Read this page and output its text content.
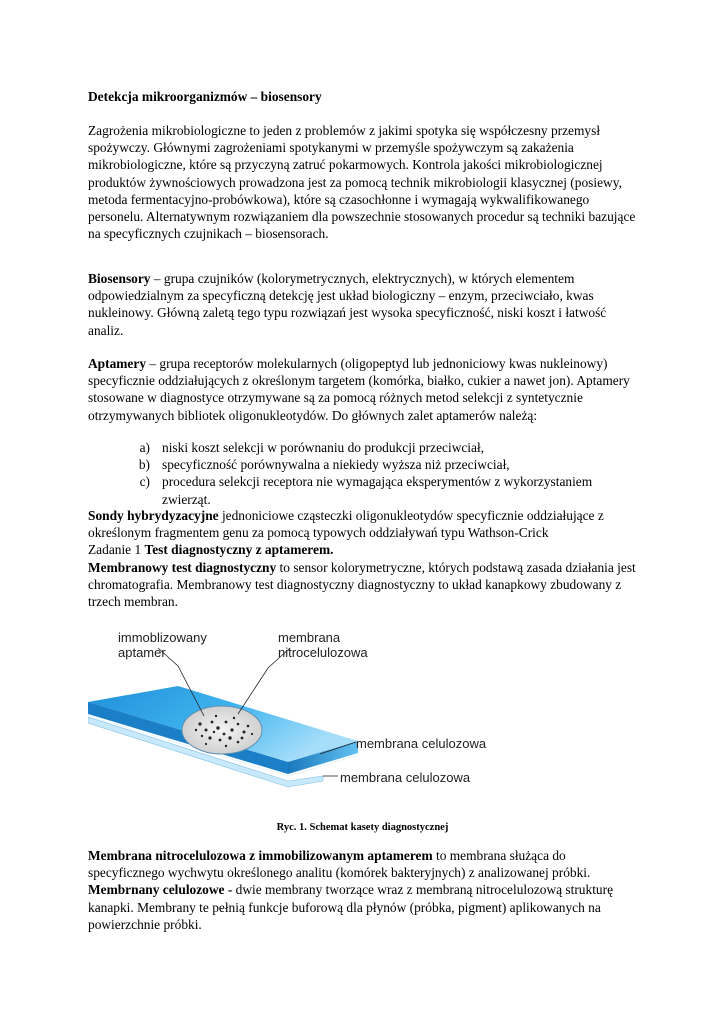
Detekcja mikroorganizmów – biosensory
Zagrożenia mikrobiologiczne to jeden z problemów z jakimi spotyka się współczesny przemysł spożywczy. Głównymi zagrożeniami spotykanymi w przemyśle spożywczym są zakażenia mikrobiologiczne, które są przyczyną zatruć pokarmowych. Kontrola jakości mikrobiologicznej produktów żywnościowych prowadzona jest za pomocą technik mikrobiologii klasycznej (posiewy, metoda fermentacyjno-probówkowa), które są czasochłonne i wymagają wykwalifikowanego personelu. Alternatywnym rozwiązaniem dla powszechnie stosowanych procedur są techniki bazujące na specyficznych czujnikach – biosensorach.
Biosensory – grupa czujników (kolorymetrycznych, elektrycznych), w których elementem odpowiedzialnym za specyficzną detekcję jest układ biologiczny – enzym, przeciwciało, kwas nukleinowy. Główną zaletą tego typu rozwiązań jest wysoka specyficzność, niski koszt i łatwość analiz.
Aptamery – grupa receptorów molekularnych (oligopeptyd lub jednoniciowy kwas nukleinowy) specyficznie oddziałujących z określonym targetem (komórka, białko, cukier a nawet jon). Aptamery stosowane w diagnostyce otrzymywane są za pomocą różnych metod selekcji z syntetycznie otrzymywanych bibliotek oligonukleotydów. Do głównych zalet aptamerów należą:
a) niski koszt selekcji w porównaniu do produkcji przeciwciał,
b) specyficzność porównywalna a niekiedy wyższa niż przeciwciał,
c) procedura selekcji receptora nie wymagająca eksperymentów z wykorzystaniem zwierząt.
Sondy hybrydyzacyjne jednoniciowe cząsteczki oligonukleotydów specyficznie oddziałujące z określonym fragmentem genu za pomocą typowych oddziaływań typu Wathson-Crick
Zadanie 1 Test diagnostyczny z aptamerem.
Membranowy test diagnostyczny to sensor kolorymetryczne, których podstawą zasada działania jest chromatografia. Membranowy test diagnostyczny diagnostyczny to układ kanapkowy zbudowany z trzech membran.
immoblizowany
aptamer
membrana
nitrocelulozowa
membrana celulozowa
membrana celulozowa
Ryc. 1. Schemat kasety diagnostycznej
Membrana nitrocelulozowa z immobilizowanym aptamerem to membrana służąca do specyficznego wychwytu określonego analitu (komórek bakteryjnych) z analizowanej próbki.
Membrnany celulozowe - dwie membrany tworzące wraz z membraną nitrocelulozową strukturę kanapki. Membrany te pełnią funkcje buforową dla płynów (próbka, pigment) aplikowanych na powierzchnie próbki.
